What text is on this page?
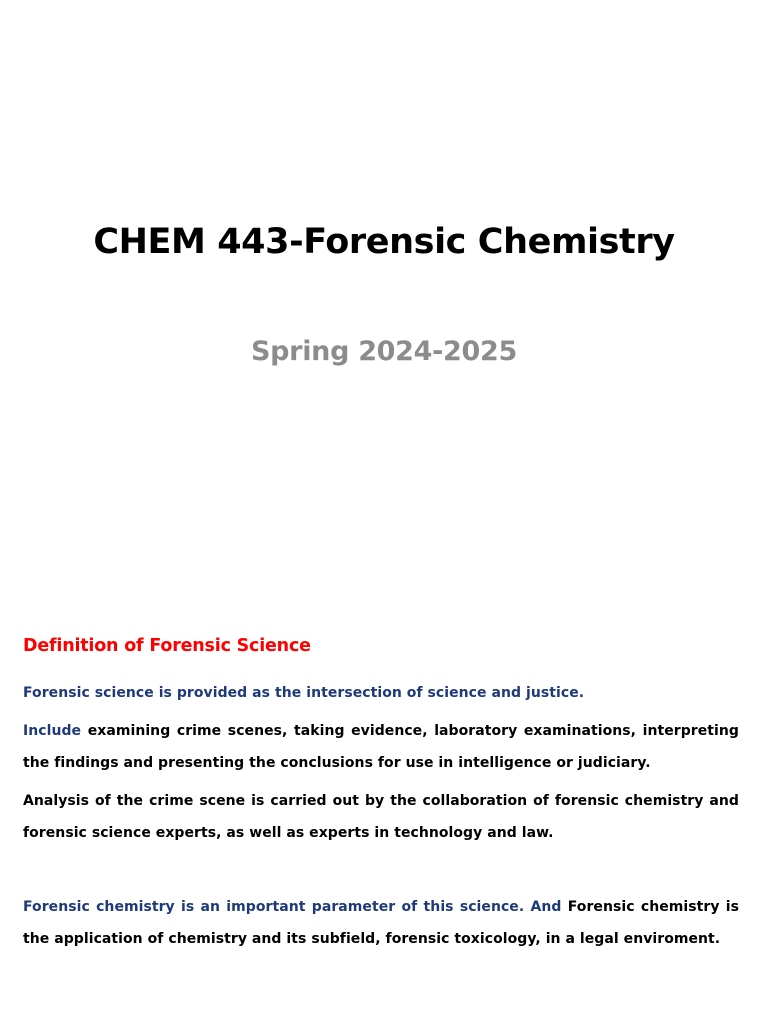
CHEM 443-Forensic Chemistry
Spring 2024-2025
Definition of Forensic Science

Forensic science is provided as the intersection of science and justice.

Include examining crime scenes, taking evidence, laboratory examinations, interpreting the findings and presenting the conclusions for use in intelligence or judiciary.

Analysis of the crime scene is carried out by the collaboration of forensic chemistry and forensic science experts, as well as experts in technology and law.

Forensic chemistry is an important parameter of this science. And Forensic chemistry is the application of chemistry and its subfield, forensic toxicology, in a legal enviroment.
